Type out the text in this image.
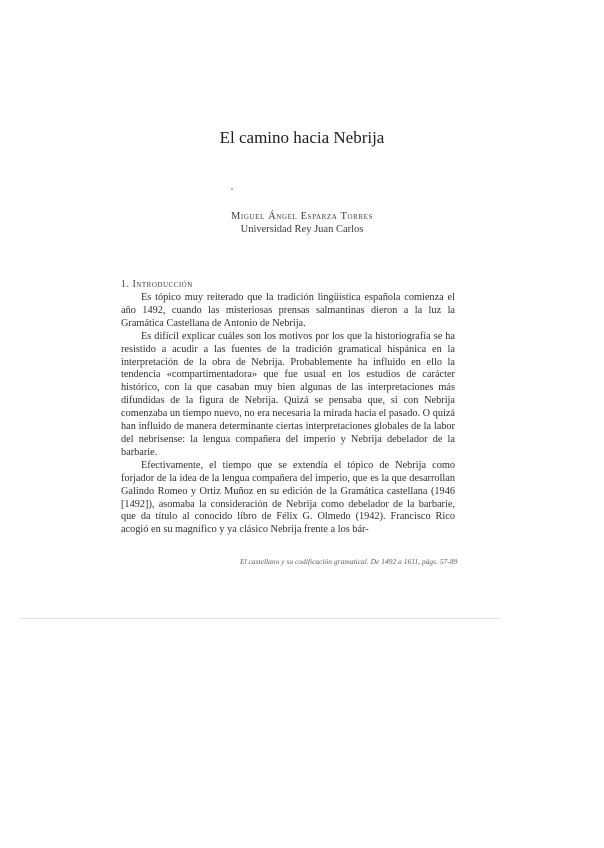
El camino hacia Nebrija
Miguel Ángel Esparza Torres
Universidad Rey Juan Carlos
1. Introducción

Es tópico muy reiterado que la tradición lingüística española comienza el año 1492, cuando las misteriosas prensas salmantinas dieron a la luz la Gramática Castellana de Antonio de Nebrija.

Es difícil explicar cuáles son los motivos por los que la historiografía se ha resistido a acudir a las fuentes de la tradición gramatical hispánica en la interpretación de la obra de Nebrija. Probablemente ha influido en ello la tendencia «compartimentadora» que fue usual en los estudios de carácter histórico, con la que casaban muy bien algunas de las interpretaciones más difundidas de la figura de Nebrija. Quizá se pensaba que, si con Nebrija comenzaba un tiempo nuevo, no era necesaria la mirada hacia el pasado. O quizá han influido de manera determinante ciertas interpretaciones globales de la labor del nebrisense: la lengua compañera del imperio y Nebrija debelador de la barbarie.

Efectivamente, el tiempo que se extendía el tópico de Nebrija como forjador de la idea de la lengua compañera del imperio, que es la que desarrollan Galindo Romeo y Ortiz Muñoz en su edición de la Gramática castellana (1946 [1492]), asomaba la consideración de Nebrija como debelador de la barbarie, que da título al conocido libro de Félix G. Olmedo (1942). Francisco Rico acogió en su magnífico y ya clásico Nebrija frente a los bár-

El castellano y su codificación gramatical. De 1492 a 1611, págs. 57-89
